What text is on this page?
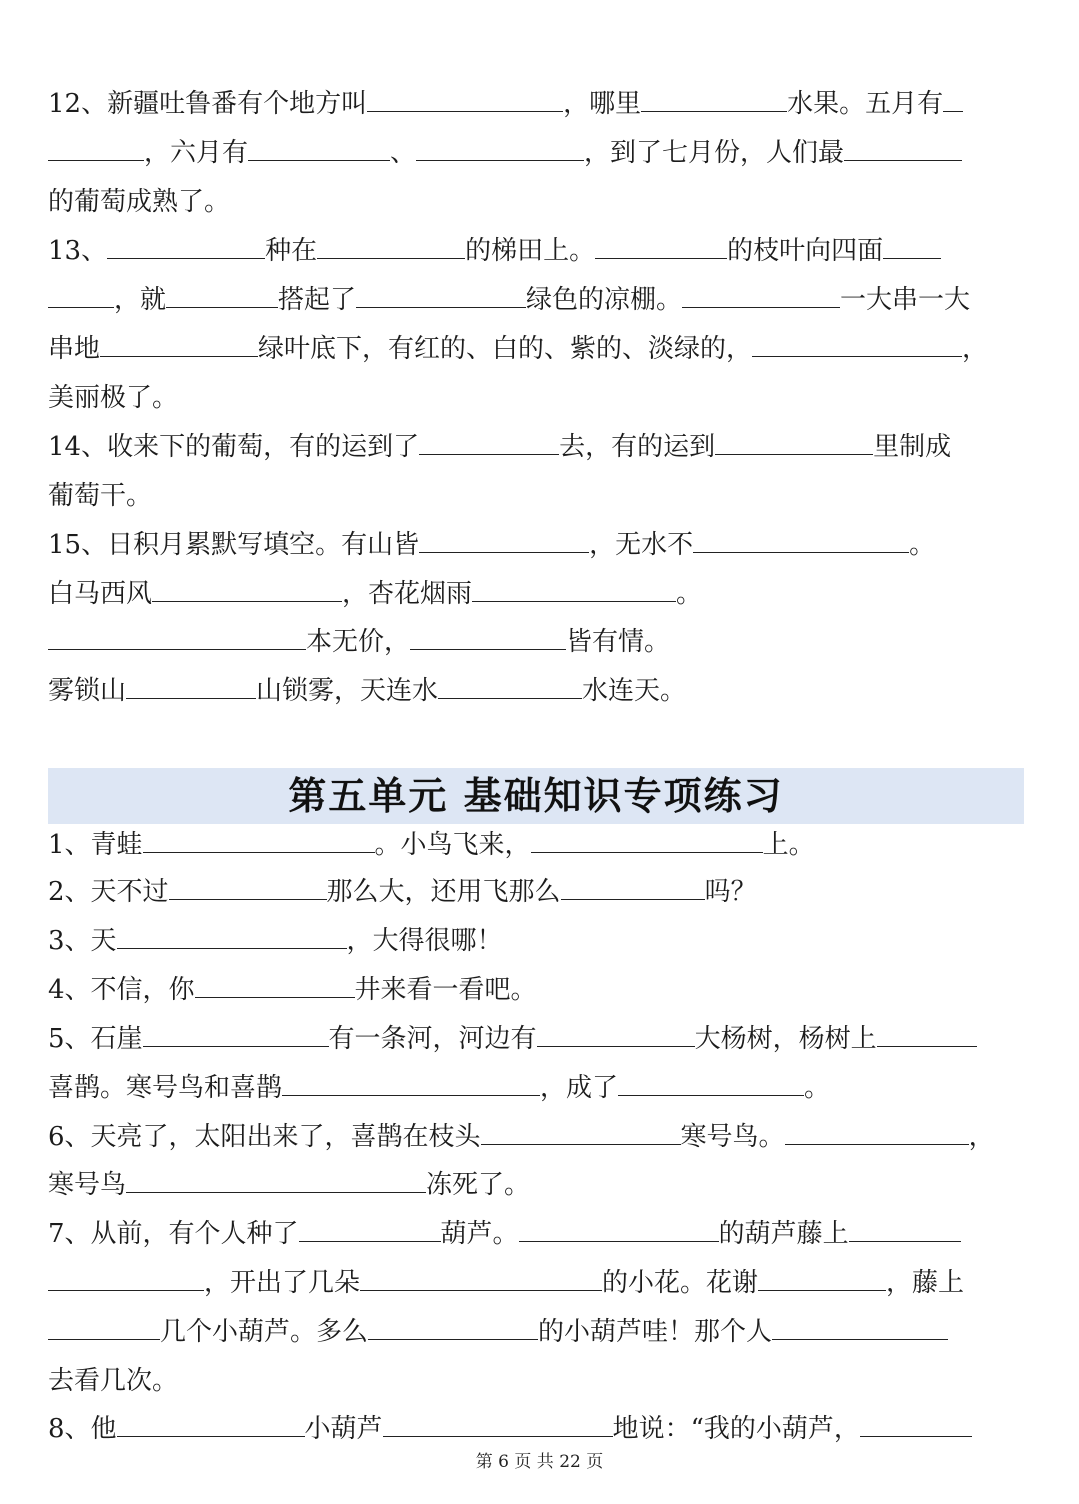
12、新疆吐鲁番有个地方叫	，哪里	水果。五月有
，六月有	、	，到了七月份，人们最
的葡萄成熟了。
13、	种在	的梯田上。	的枝叶向四面
，就	搭起了	绿色的凉棚。	一大串一大
串地	绿叶底下，有红的、白的、紫的、淡绿的，	，
美丽极了。
14、收来下的葡萄，有的运到了	去，有的运到	里制成
葡萄干。
15、日积月累默写填空。有山皆	，无水不	。
白马西风	，杏花烟雨	。
本无价，	皆有情。
雾锁山	山锁雾，天连水	水连天。
第五单元 基础知识专项练习
1、青蛙	。小鸟飞来，	上。
2、天不过	那么大，还用飞那么	吗？
3、天	，大得很哪！
4、不信，你	井来看一看吧。
5、石崖	有一条河，河边有	大杨树，杨树上
喜鹊。寒号鸟和喜鹊	，成了	。
6、天亮了，太阳出来了，喜鹊在枝头	寒号鸟。	，
寒号鸟	冻死了。
7、从前，有个人种了	葫芦。	的葫芦藤上
，开出了几朵	的小花。花谢	，藤上
几个小葫芦。多么	的小葫芦哇！那个人
去看几次。
8、他	小葫芦	地说：“我的小葫芦，
第 6 页 共 22 页
